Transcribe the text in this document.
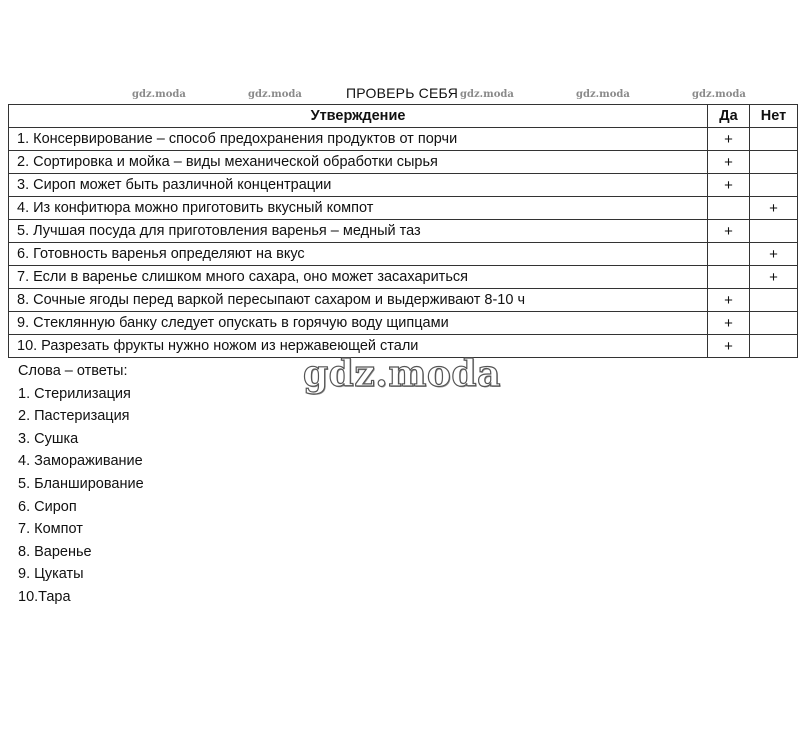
gdz.moda	gdz.moda	gdz.moda	gdz.moda	gdz.moda
ПРОВЕРЬ СЕБЯ
Утверждение	Да	Нет
1. Консервирование – способ предохранения продуктов от порчи	+	
2. Сортировка и мойка – виды механической обработки сырья	+	
3. Сироп может быть различной концентрации	+	
4. Из конфитюра можно приготовить вкусный компот		+
5. Лучшая посуда для приготовления варенья – медный таз	+	
6. Готовность варенья определяют на вкус		+
7. Если в варенье слишком много сахара, оно может засахариться		+
8. Сочные ягоды перед варкой пересыпают сахаром и выдерживают 8-10 ч	+	
9. Стеклянную банку следует опускать в горячую воду щипцами	+	
10. Разрезать фрукты нужно ножом из нержавеющей стали	+	
Слова – ответы:
1. Стерилизация
2. Пастеризация
3. Сушка
4. Замораживание
5. Бланширование
6. Сироп
7. Компот
8. Варенье
9. Цукаты
10.Тара
gdz.moda
